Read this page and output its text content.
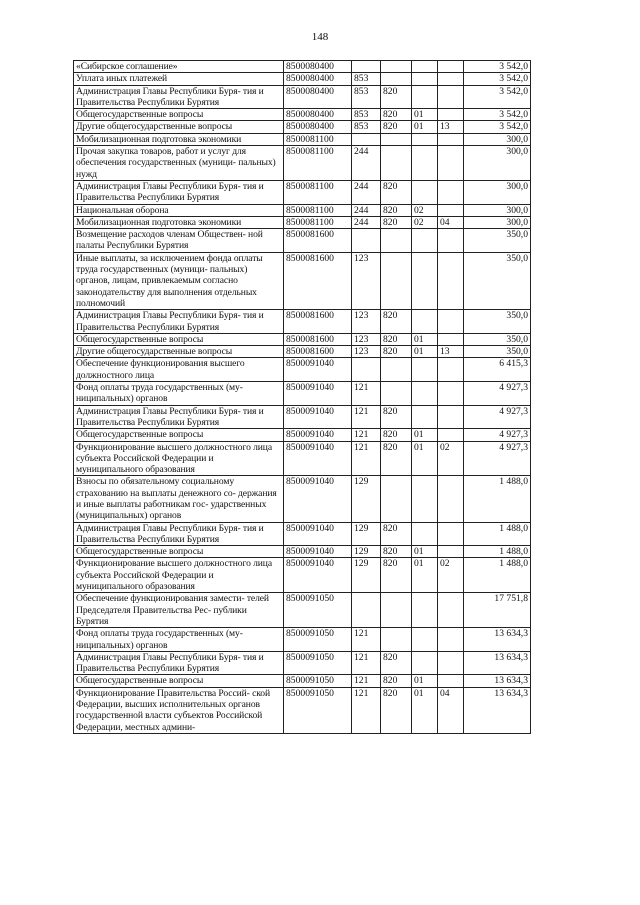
148
«Сибирское соглашение»	8500080400					3 542,0
Уплата иных платежей	8500080400	853				3 542,0
Администрация Главы Республики Буря- тия и Правительства Республики Бурятия	8500080400	853	820			3 542,0
Общегосударственные вопросы	8500080400	853	820	01		3 542,0
Другие общегосударственные вопросы	8500080400	853	820	01	13	3 542,0
Мобилизационная подготовка экономики	8500081100					300,0
Прочая закупка товаров, работ и услуг для обеспечения государственных (муници- пальных) нужд	8500081100	244				300,0
Администрация Главы Республики Буря- тия и Правительства Республики Бурятия	8500081100	244	820			300,0
Национальная оборона	8500081100	244	820	02		300,0
Мобилизационная подготовка экономики	8500081100	244	820	02	04	300,0
Возмещение расходов членам Обществен- ной палаты Республики Бурятия	8500081600					350,0
Иные выплаты, за исключением фонда оплаты труда государственных (муници- пальных) органов, лицам, привлекаемым согласно законодательству для выполнения отдельных полномочий	8500081600	123				350,0
Администрация Главы Республики Буря- тия и Правительства Республики Бурятия	8500081600	123	820			350,0
Общегосударственные вопросы	8500081600	123	820	01		350,0
Другие общегосударственные вопросы	8500081600	123	820	01	13	350,0
Обеспечение функционирования высшего должностного лица	8500091040					6 415,3
Фонд оплаты труда государственных (му- ниципальных) органов	8500091040	121				4 927,3
Администрация Главы Республики Буря- тия и Правительства Республики Бурятия	8500091040	121	820			4 927,3
Общегосударственные вопросы	8500091040	121	820	01		4 927,3
Функционирование высшего должностного лица субъекта Российской Федерации и муниципального образования	8500091040	121	820	01	02	4 927,3
Взносы по обязательному социальному страхованию на выплаты денежного со- держания и иные выплаты работникам гос- ударственных (муниципальных) органов	8500091040	129				1 488,0
Администрация Главы Республики Буря- тия и Правительства Республики Бурятия	8500091040	129	820			1 488,0
Общегосударственные вопросы	8500091040	129	820	01		1 488,0
Функционирование высшего должностного лица субъекта Российской Федерации и муниципального образования	8500091040	129	820	01	02	1 488,0
Обеспечение функционирования замести- телей Председателя Правительства Рес- публики Бурятия	8500091050					17 751,8
Фонд оплаты труда государственных (му- ниципальных) органов	8500091050	121				13 634,3
Администрация Главы Республики Буря- тия и Правительства Республики Бурятия	8500091050	121	820			13 634,3
Общегосударственные вопросы	8500091050	121	820	01		13 634,3
Функционирование Правительства Россий- ской Федерации, высших исполнительных органов государственной власти субъектов Российской Федерации, местных админи-	8500091050	121	820	01	04	13 634,3
